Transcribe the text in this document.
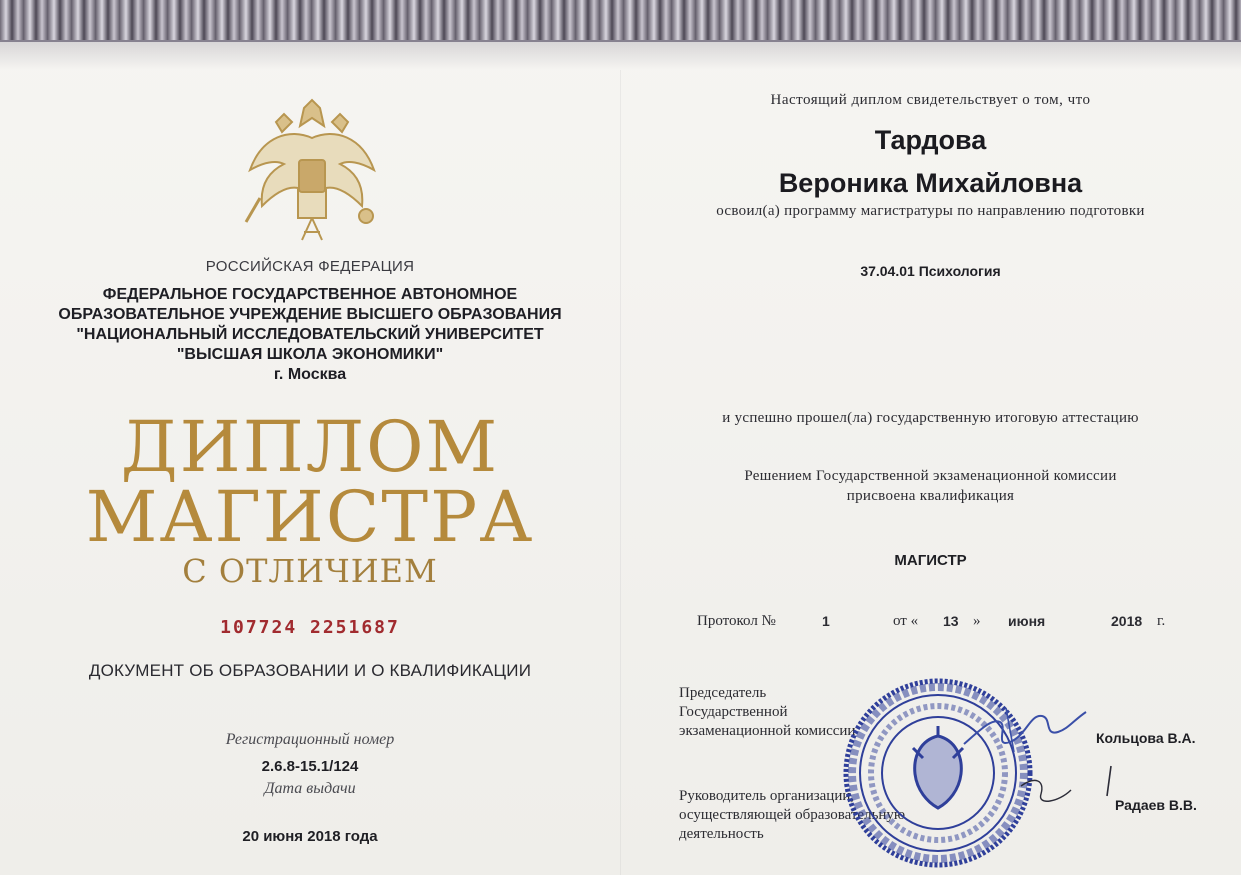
РОССИЙСКАЯ ФЕДЕРАЦИЯ
ФЕДЕРАЛЬНОЕ ГОСУДАРСТВЕННОЕ АВТОНОМНОЕ
ОБРАЗОВАТЕЛЬНОЕ УЧРЕЖДЕНИЕ ВЫСШЕГО ОБРАЗОВАНИЯ
"НАЦИОНАЛЬНЫЙ ИССЛЕДОВАТЕЛЬСКИЙ УНИВЕРСИТЕТ
"ВЫСШАЯ ШКОЛА ЭКОНОМИКИ"
г. Москва
ДИПЛОМ
МАГИСТРА
С ОТЛИЧИЕМ
107724 2251687
ДОКУМЕНТ ОБ ОБРАЗОВАНИИ И О КВАЛИФИКАЦИИ
Регистрационный номер
2.6.8-15.1/124
Дата выдачи
20 июня 2018 года
Настоящий диплом свидетельствует о том, что
Тардова
Вероника Михайловна
освоил(а) программу магистратуры по направлению подготовки
37.04.01 Психология
и успешно прошел(ла) государственную итоговую аттестацию
Решением Государственной экзаменационной комиссии
присвоена квалификация
МАГИСТР
Протокол №	1	от « 13 » июня	2018 г.
Председатель
Государственной
экзаменационной комиссии	Кольцова В.А.
Руководитель организации,
осуществляющей образовательную
деятельность
Радаев В.В.
